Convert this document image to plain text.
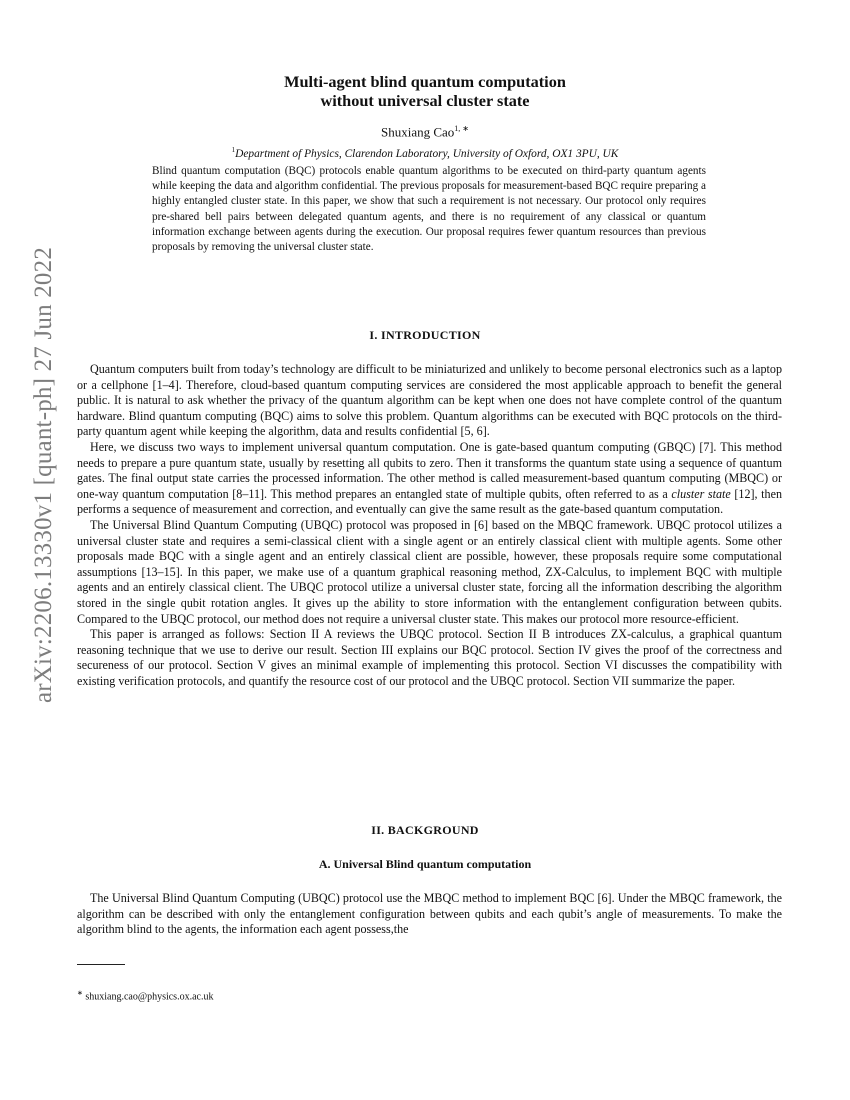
arXiv:2206.13330v1 [quant-ph] 27 Jun 2022
Multi-agent blind quantum computation
without universal cluster state
Shuxiang Cao$^{1, ∗}$
$^1$Department of Physics, Clarendon Laboratory, University of Oxford, OX1 3PU, UK
Blind quantum computation (BQC) protocols enable quantum algorithms to be executed on third-party quantum agents while keeping the data and algorithm confidential. The previous proposals for measurement-based BQC require preparing a highly entangled cluster state. In this paper, we show that such a requirement is not necessary. Our protocol only requires pre-shared bell pairs between delegated quantum agents, and there is no requirement of any classical or quantum information exchange between agents during the execution. Our proposal requires fewer quantum resources than previous proposals by removing the universal cluster state.
I. INTRODUCTION

Quantum computers built from today’s technology are difficult to be miniaturized and unlikely to become personal electronics such as a laptop or a cellphone [1–4]. Therefore, cloud-based quantum computing services are considered the most applicable approach to benefit the general public. It is natural to ask whether the privacy of the quantum algorithm can be kept when one does not have complete control of the quantum hardware. Blind quantum computing (BQC) aims to solve this problem. Quantum algorithms can be executed with BQC protocols on the third-party quantum agent while keeping the algorithm, data and results confidential [5, 6].

Here, we discuss two ways to implement universal quantum computation. One is gate-based quantum computing (GBQC) [7]. This method needs to prepare a pure quantum state, usually by resetting all qubits to zero. Then it transforms the quantum state using a sequence of quantum gates. The final output state carries the processed information. The other method is called measurement-based quantum computing (MBQC) or one-way quantum computation [8–11]. This method prepares an entangled state of multiple qubits, often referred to as a cluster state [12], then performs a sequence of measurement and correction, and eventually can give the same result as the gate-based quantum computation.

The Universal Blind Quantum Computing (UBQC) protocol was proposed in [6] based on the MBQC framework. UBQC protocol utilizes a universal cluster state and requires a semi-classical client with a single agent or an entirely classical client with multiple agents. Some other proposals made BQC with a single agent and an entirely classical client are possible, however, these proposals require some computational assumptions [13–15]. In this paper, we make use of a quantum graphical reasoning method, ZX-Calculus, to implement BQC with multiple agents and an entirely classical client. The UBQC protocol utilize a universal cluster state, forcing all the information describing the algorithm stored in the single qubit rotation angles. It gives up the ability to store information with the entanglement configuration between qubits. Compared to the UBQC protocol, our method does not require a universal cluster state. This makes our protocol more resource-efficient.

This paper is arranged as follows: Section II A reviews the UBQC protocol. Section II B introduces ZX-calculus, a graphical quantum reasoning technique that we use to derive our result. Section III explains our BQC protocol. Section IV gives the proof of the correctness and secureness of our protocol. Section V gives an minimal example of implementing this protocol. Section VI discusses the compatibility with existing verification protocols, and quantify the resource cost of our protocol and the UBQC protocol. Section VII summarize the paper.

II. BACKGROUND
A. Universal Blind quantum computation

The Universal Blind Quantum Computing (UBQC) protocol use the MBQC method to implement BQC [6]. Under the MBQC framework, the algorithm can be described with only the entanglement configuration between qubits and each qubit’s angle of measurements. To make the algorithm blind to the agents, the information each agent possess,the

∗ shuxiang.cao@physics.ox.ac.uk
